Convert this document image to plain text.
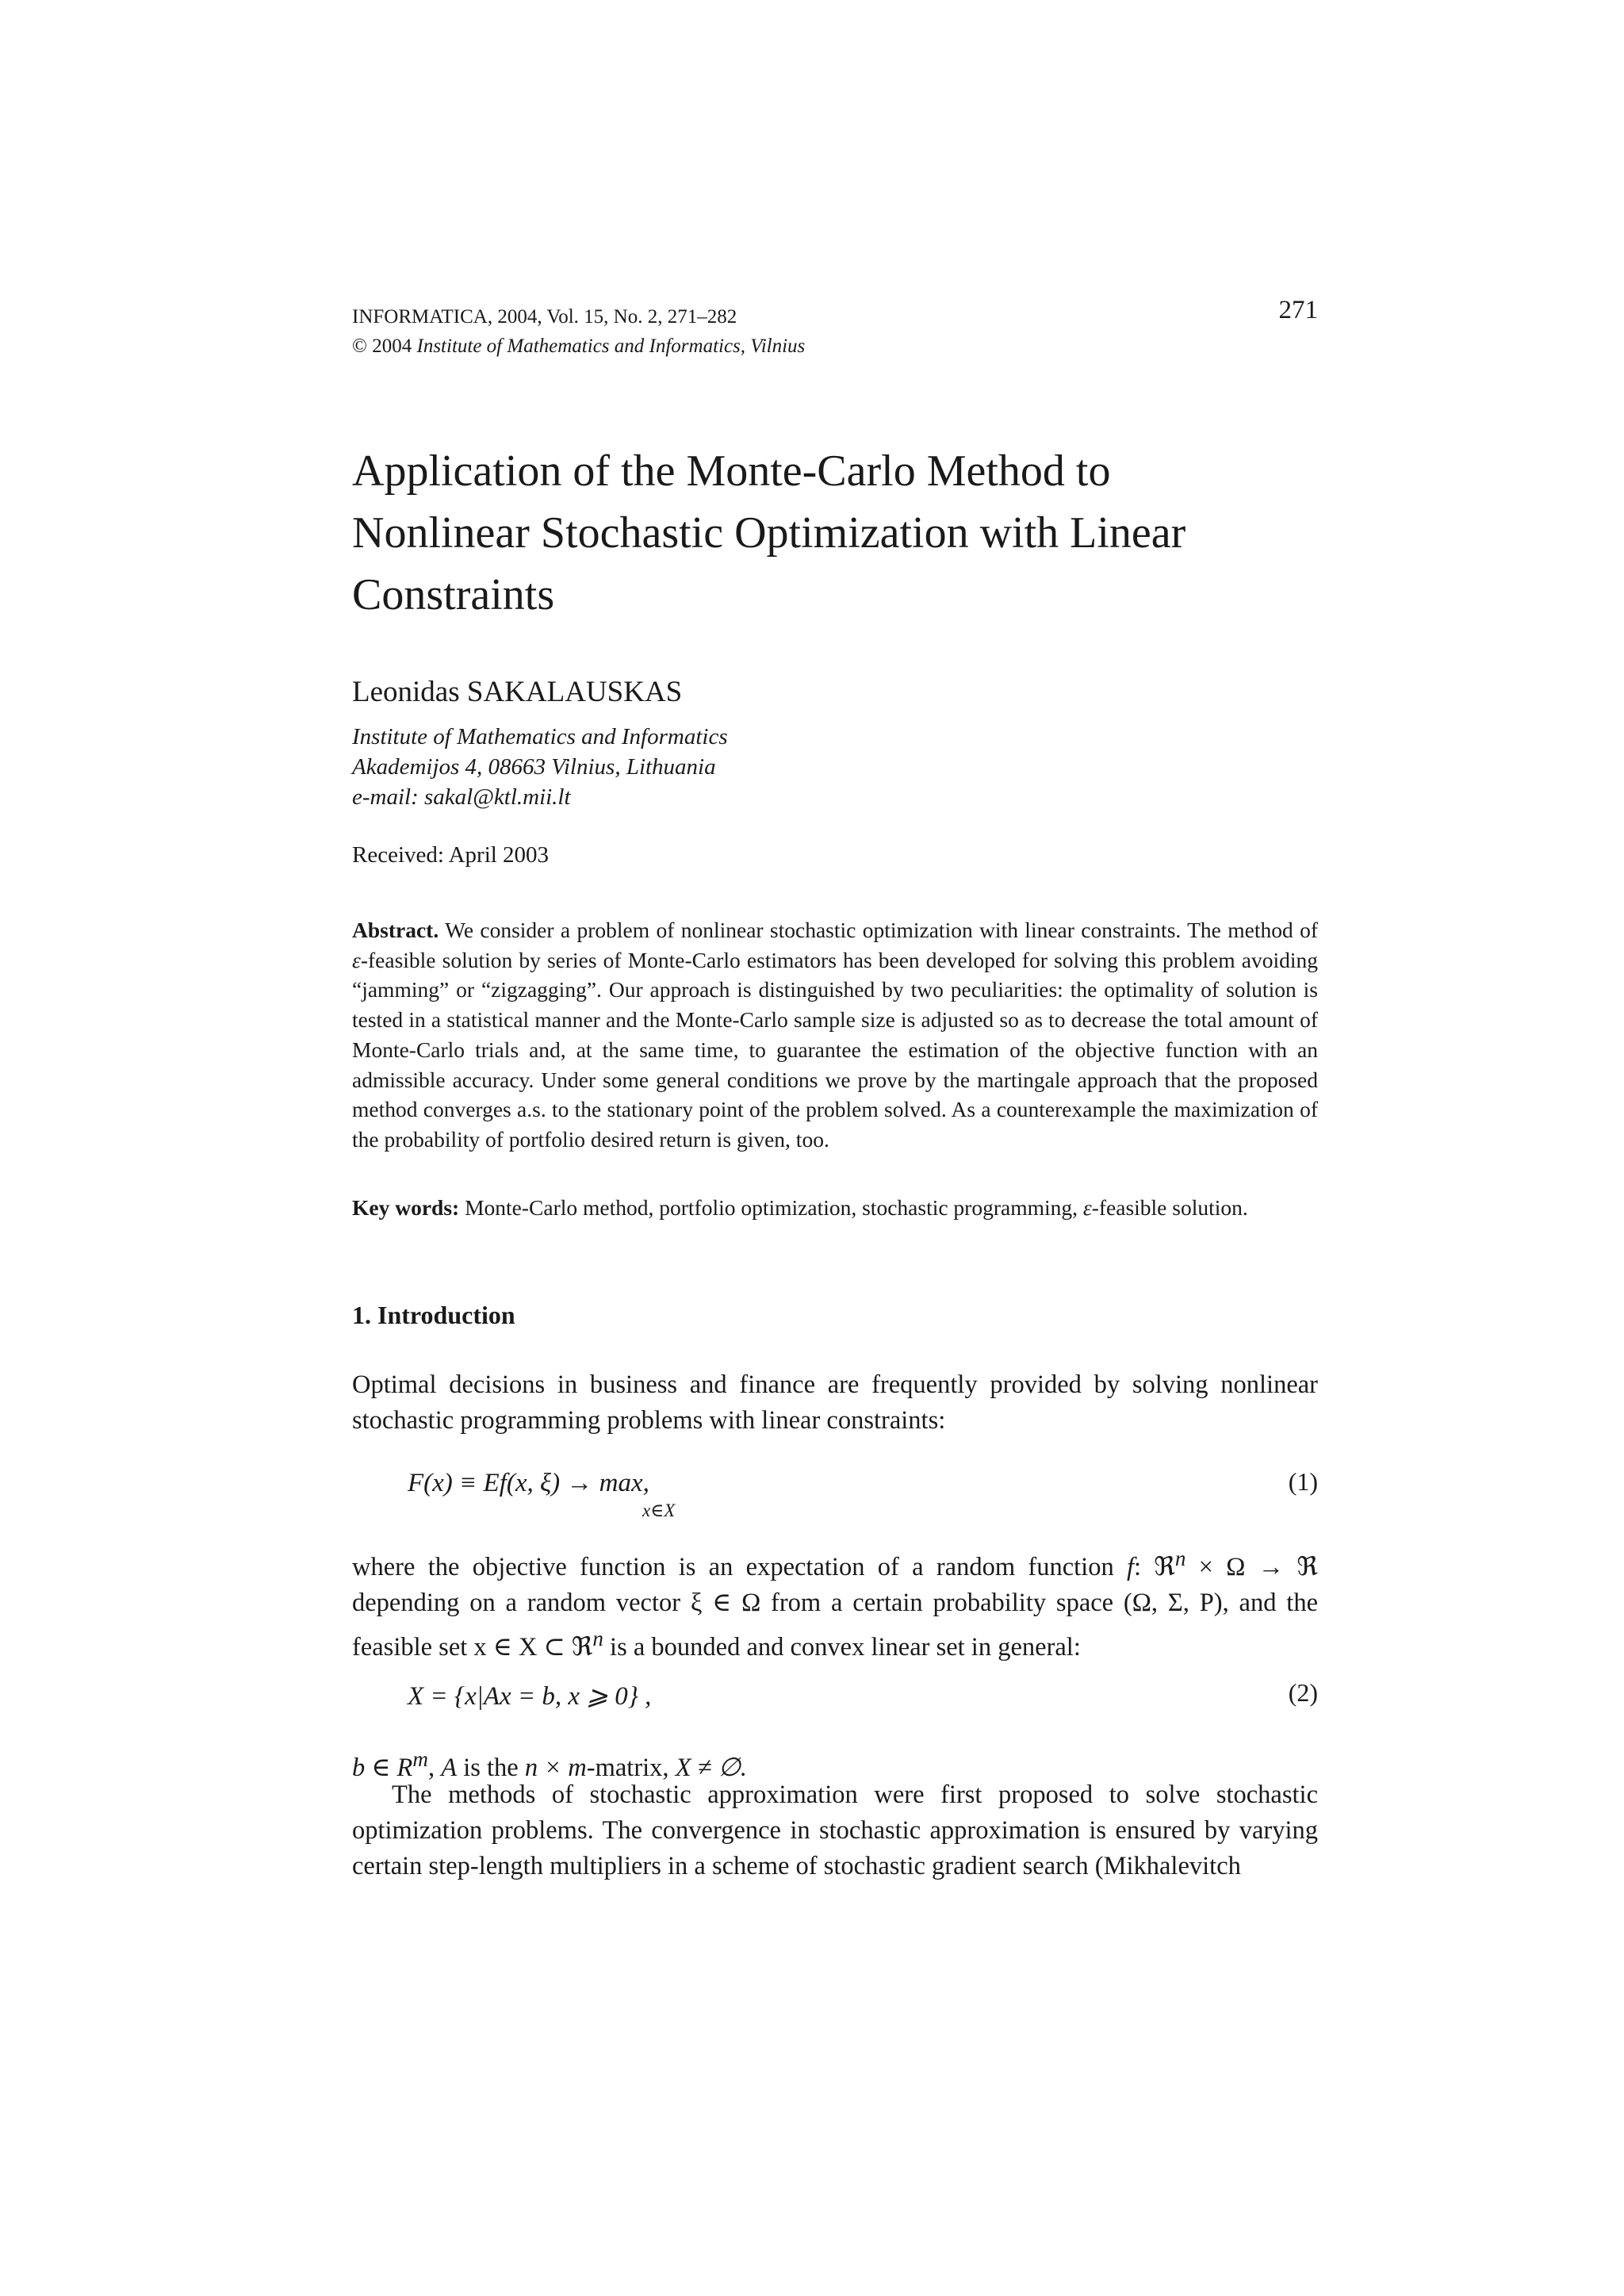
INFORMATICA, 2004, Vol. 15, No. 2, 271–282
© 2004 Institute of Mathematics and Informatics, Vilnius
271
Application of the Monte-Carlo Method to
Nonlinear Stochastic Optimization with Linear
Constraints
Leonidas SAKALAUSKAS
Institute of Mathematics and Informatics
Akademijos 4, 08663 Vilnius, Lithuania
e-mail: sakal@ktl.mii.lt
Received: April 2003

Abstract. We consider a problem of nonlinear stochastic optimization with linear constraints. The method of ε-feasible solution by series of Monte-Carlo estimators has been developed for solving this problem avoiding “jamming” or “zigzagging”. Our approach is distinguished by two peculiarities: the optimality of solution is tested in a statistical manner and the Monte-Carlo sample size is adjusted so as to decrease the total amount of Monte-Carlo trials and, at the same time, to guarantee the estimation of the objective function with an admissible accuracy. Under some general conditions we prove by the martingale approach that the proposed method converges a.s. to the stationary point of the problem solved. As a counterexample the maximization of the probability of portfolio desired return is given, too.

Key words: Monte-Carlo method, portfolio optimization, stochastic programming, ε-feasible solution.

1. Introduction

Optimal decisions in business and finance are frequently provided by solving nonlinear stochastic programming problems with linear constraints:

F(x) ≡ Ef(x, ξ) → max,
x∈X
(1)

where the objective function is an expectation of a random function f: ℜ$^n$ × Ω → ℜ depending on a random vector ξ ∈ Ω from a certain probability space (Ω, Σ, P), and the feasible set x ∈ X ⊂ ℜ$^n$ is a bounded and convex linear set in general:

X = {x|Ax = b, x ⩾ 0} ,	(2)

b ∈ $R^m$, A is the n × m-matrix, X ≠ ∅.

The methods of stochastic approximation were first proposed to solve stochastic optimization problems. The convergence in stochastic approximation is ensured by varying certain step-length multipliers in a scheme of stochastic gradient search (Mikhalevitch
